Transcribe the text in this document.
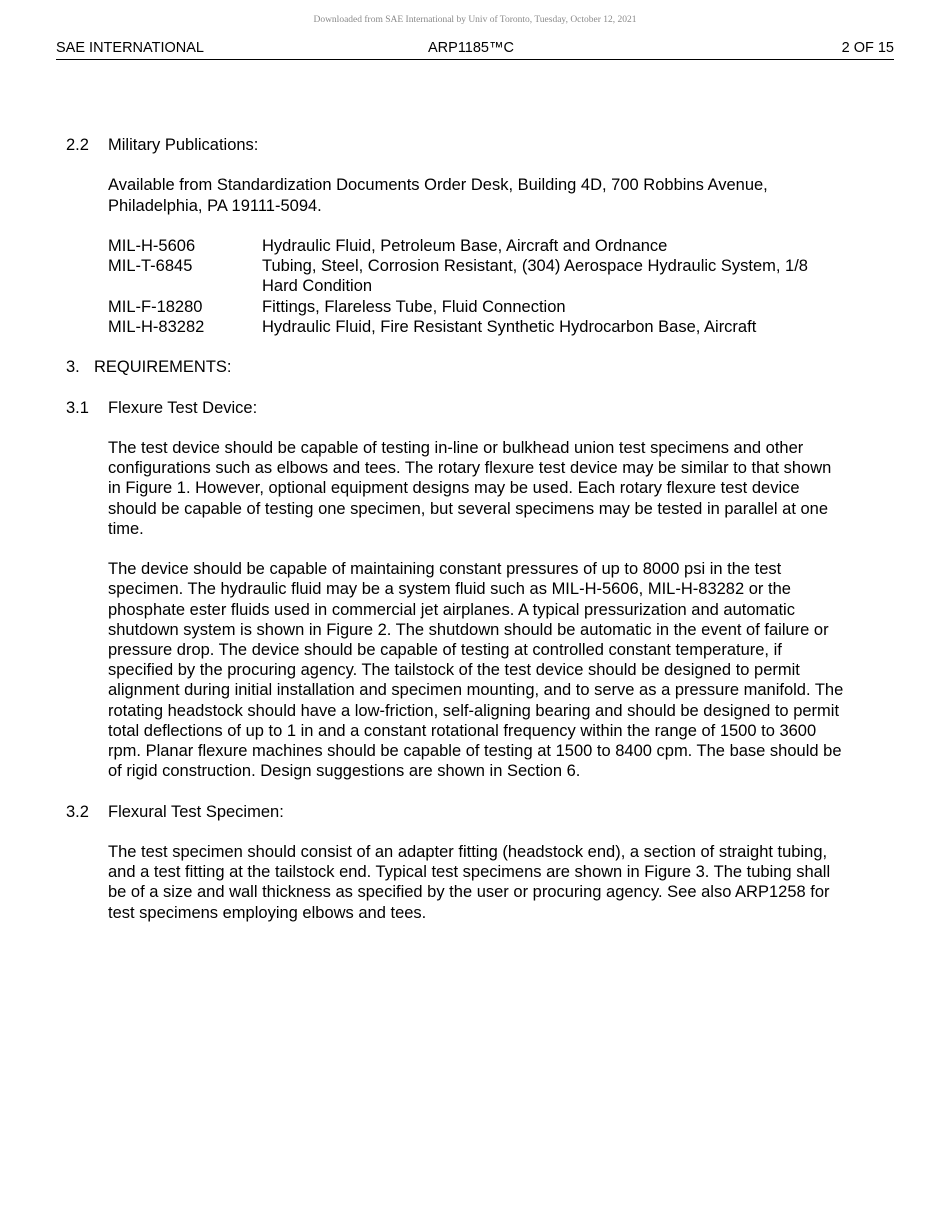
Downloaded from SAE International by Univ of Toronto, Tuesday, October 12, 2021
SAE INTERNATIONAL	ARP1185™C	2 OF 15

2.2 Military Publications:

Available from Standardization Documents Order Desk, Building 4D, 700 Robbins Avenue,
Philadelphia, PA 19111-5094.

MIL-H-5606	Hydraulic Fluid, Petroleum Base, Aircraft and Ordnance
MIL-T-6845	Tubing, Steel, Corrosion Resistant, (304) Aerospace Hydraulic System, 1/8
Hard Condition
MIL-F-18280	Fittings, Flareless Tube, Fluid Connection
MIL-H-83282	Hydraulic Fluid, Fire Resistant Synthetic Hydrocarbon Base, Aircraft

3. REQUIREMENTS:

3.1 Flexure Test Device:

The test device should be capable of testing in-line or bulkhead union test specimens and other
configurations such as elbows and tees. The rotary flexure test device may be similar to that shown
in Figure 1. However, optional equipment designs may be used. Each rotary flexure test device
should be capable of testing one specimen, but several specimens may be tested in parallel at one
time.

The device should be capable of maintaining constant pressures of up to 8000 psi in the test
specimen. The hydraulic fluid may be a system fluid such as MIL-H-5606, MIL-H-83282 or the
phosphate ester fluids used in commercial jet airplanes. A typical pressurization and automatic
shutdown system is shown in Figure 2. The shutdown should be automatic in the event of failure or
pressure drop. The device should be capable of testing at controlled constant temperature, if
specified by the procuring agency. The tailstock of the test device should be designed to permit
alignment during initial installation and specimen mounting, and to serve as a pressure manifold. The
rotating headstock should have a low-friction, self-aligning bearing and should be designed to permit
total deflections of up to 1 in and a constant rotational frequency within the range of 1500 to 3600
rpm. Planar flexure machines should be capable of testing at 1500 to 8400 cpm. The base should be
of rigid construction. Design suggestions are shown in Section 6.

3.2 Flexural Test Specimen:

The test specimen should consist of an adapter fitting (headstock end), a section of straight tubing,
and a test fitting at the tailstock end. Typical test specimens are shown in Figure 3. The tubing shall
be of a size and wall thickness as specified by the user or procuring agency. See also ARP1258 for
test specimens employing elbows and tees.
